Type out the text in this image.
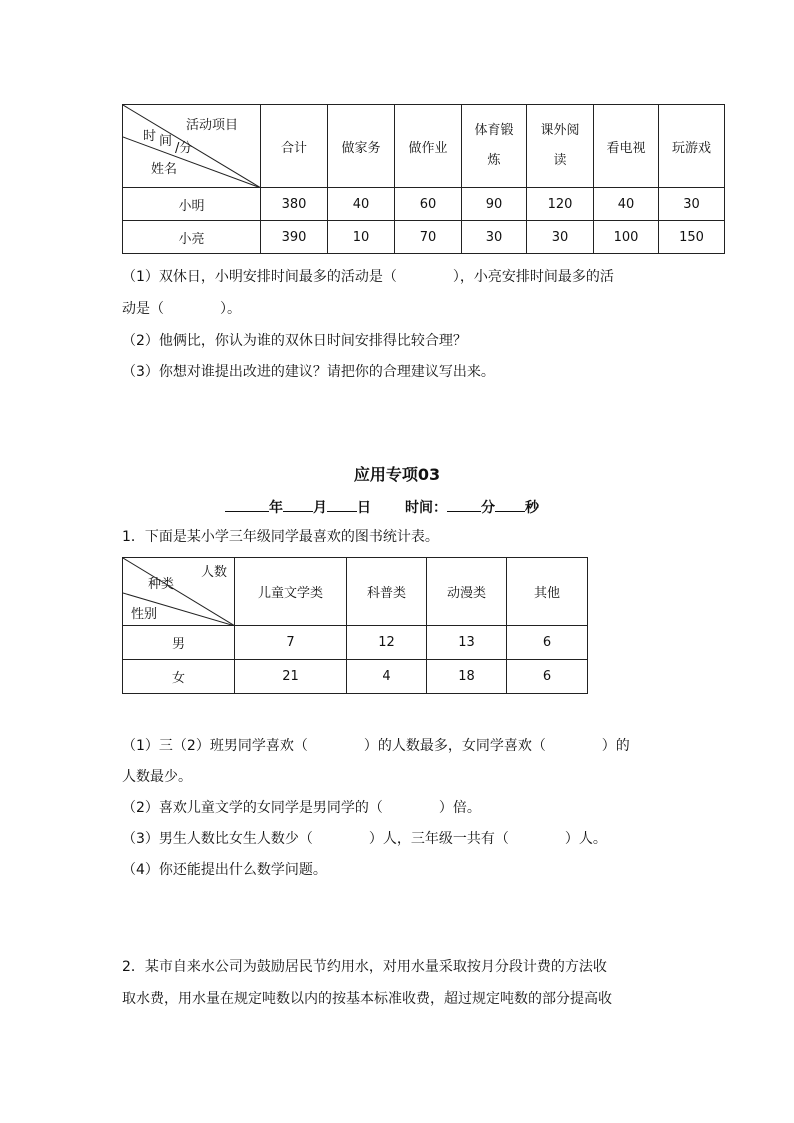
活动项目
时 间 /分
姓名	合计	做家务	做作业	体育锻炼	课外阅读	看电视	玩游戏
小明	380	40	60	90	120	40	30
小亮	390	10	70	30	30	100	150
（1）双休日，小明安排时间最多的活动是（　　　　），小亮安排时间最多的活
动是（　　　　）。
（2）他俩比，你认为谁的双休日时间安排得比较合理？
（3）你想对谁提出改进的建议？请把你的合理建议写出来。
应用专项03
年 月 日 时间： 分 秒
1．下面是某小学三年级同学最喜欢的图书统计表。
人数
种类
性别	儿童文学类	科普类	动漫类	其他
男	7	12	13	6
女	21	4	18	6
（1）三（2）班男同学喜欢（　　　　）的人数最多，女同学喜欢（　　　　）的
人数最少。
（2）喜欢儿童文学的女同学是男同学的（　　　　）倍。
（3）男生人数比女生人数少（　　　　）人，三年级一共有（　　　　）人。
（4）你还能提出什么数学问题。
2．某市自来水公司为鼓励居民节约用水，对用水量采取按月分段计费的方法收
取水费，用水量在规定吨数以内的按基本标准收费，超过规定吨数的部分提高收
